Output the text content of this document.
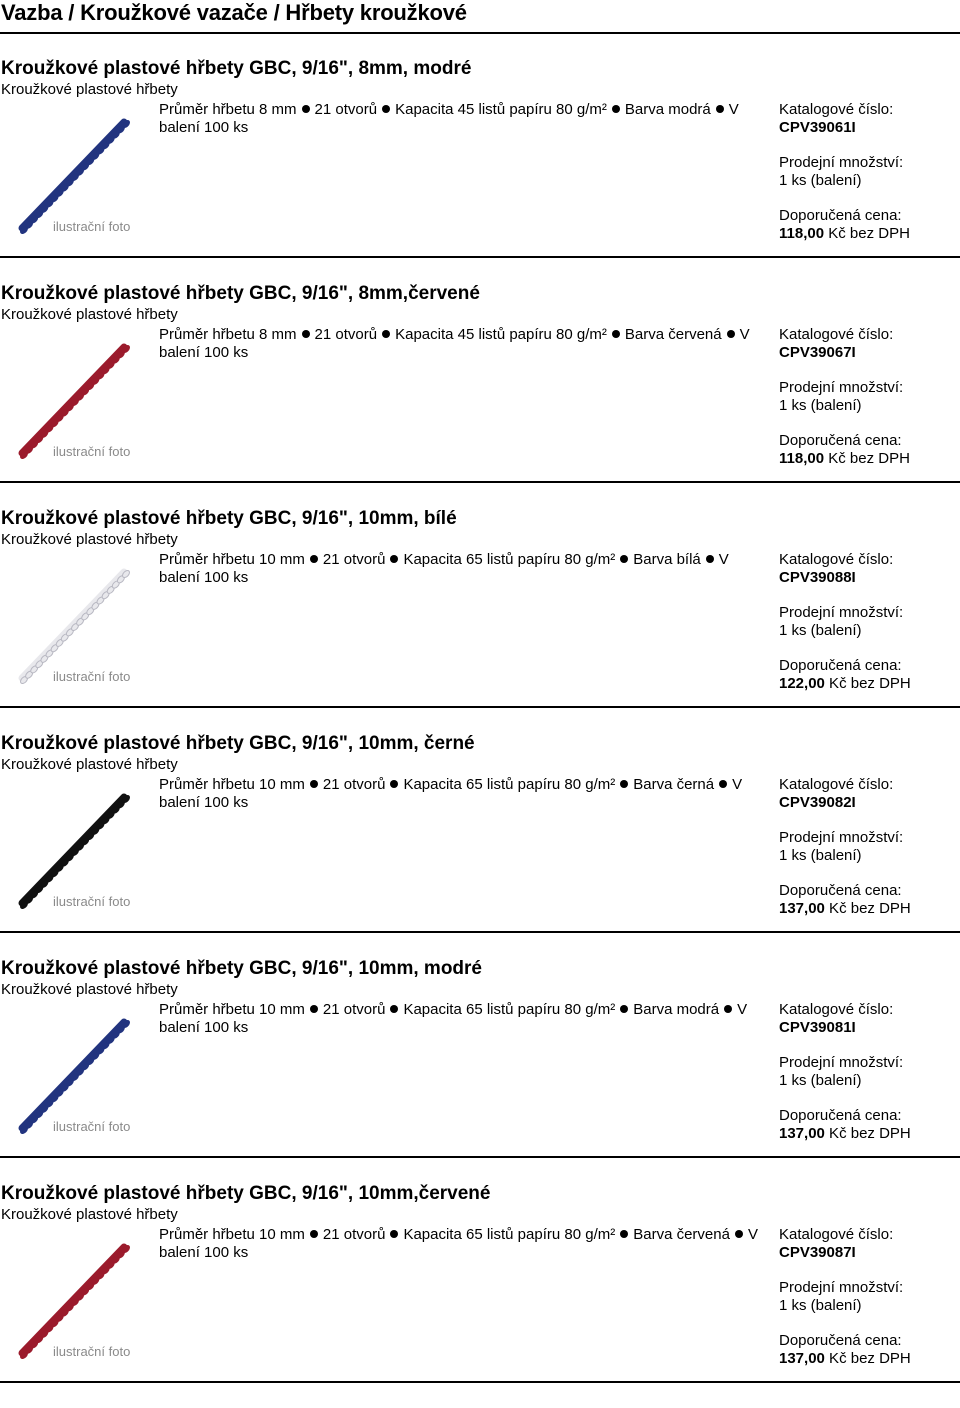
Vazba / Kroužkové vazače / Hřbety kroužkové
Kroužkové plastové hřbety GBC, 9/16", 8mm, modré
Kroužkové plastové hřbety
ilustrační foto
Průměr hřbetu 8 mm 21 otvorů Kapacita 45 listů papíru 80 g/m² Barva modrá V balení 100 ks
Katalogové číslo:
CPV39061I
Prodejní množství:
1 ks (balení)
Doporučená cena:
118,00 Kč bez DPH
Kroužkové plastové hřbety GBC, 9/16", 8mm,červené
Kroužkové plastové hřbety
ilustrační foto
Průměr hřbetu 8 mm 21 otvorů Kapacita 45 listů papíru 80 g/m² Barva červená V balení 100 ks
Katalogové číslo:
CPV39067I
Prodejní množství:
1 ks (balení)
Doporučená cena:
118,00 Kč bez DPH
Kroužkové plastové hřbety GBC, 9/16", 10mm, bílé
Kroužkové plastové hřbety
ilustrační foto
Průměr hřbetu 10 mm 21 otvorů Kapacita 65 listů papíru 80 g/m² Barva bílá V balení 100 ks
Katalogové číslo:
CPV39088I
Prodejní množství:
1 ks (balení)
Doporučená cena:
122,00 Kč bez DPH
Kroužkové plastové hřbety GBC, 9/16", 10mm, černé
Kroužkové plastové hřbety
ilustrační foto
Průměr hřbetu 10 mm 21 otvorů Kapacita 65 listů papíru 80 g/m² Barva černá V balení 100 ks
Katalogové číslo:
CPV39082I
Prodejní množství:
1 ks (balení)
Doporučená cena:
137,00 Kč bez DPH
Kroužkové plastové hřbety GBC, 9/16", 10mm, modré
Kroužkové plastové hřbety
ilustrační foto
Průměr hřbetu 10 mm 21 otvorů Kapacita 65 listů papíru 80 g/m² Barva modrá V balení 100 ks
Katalogové číslo:
CPV39081I
Prodejní množství:
1 ks (balení)
Doporučená cena:
137,00 Kč bez DPH
Kroužkové plastové hřbety GBC, 9/16", 10mm,červené
Kroužkové plastové hřbety
ilustrační foto
Průměr hřbetu 10 mm 21 otvorů Kapacita 65 listů papíru 80 g/m² Barva červená V balení 100 ks
Katalogové číslo:
CPV39087I
Prodejní množství:
1 ks (balení)
Doporučená cena:
137,00 Kč bez DPH
